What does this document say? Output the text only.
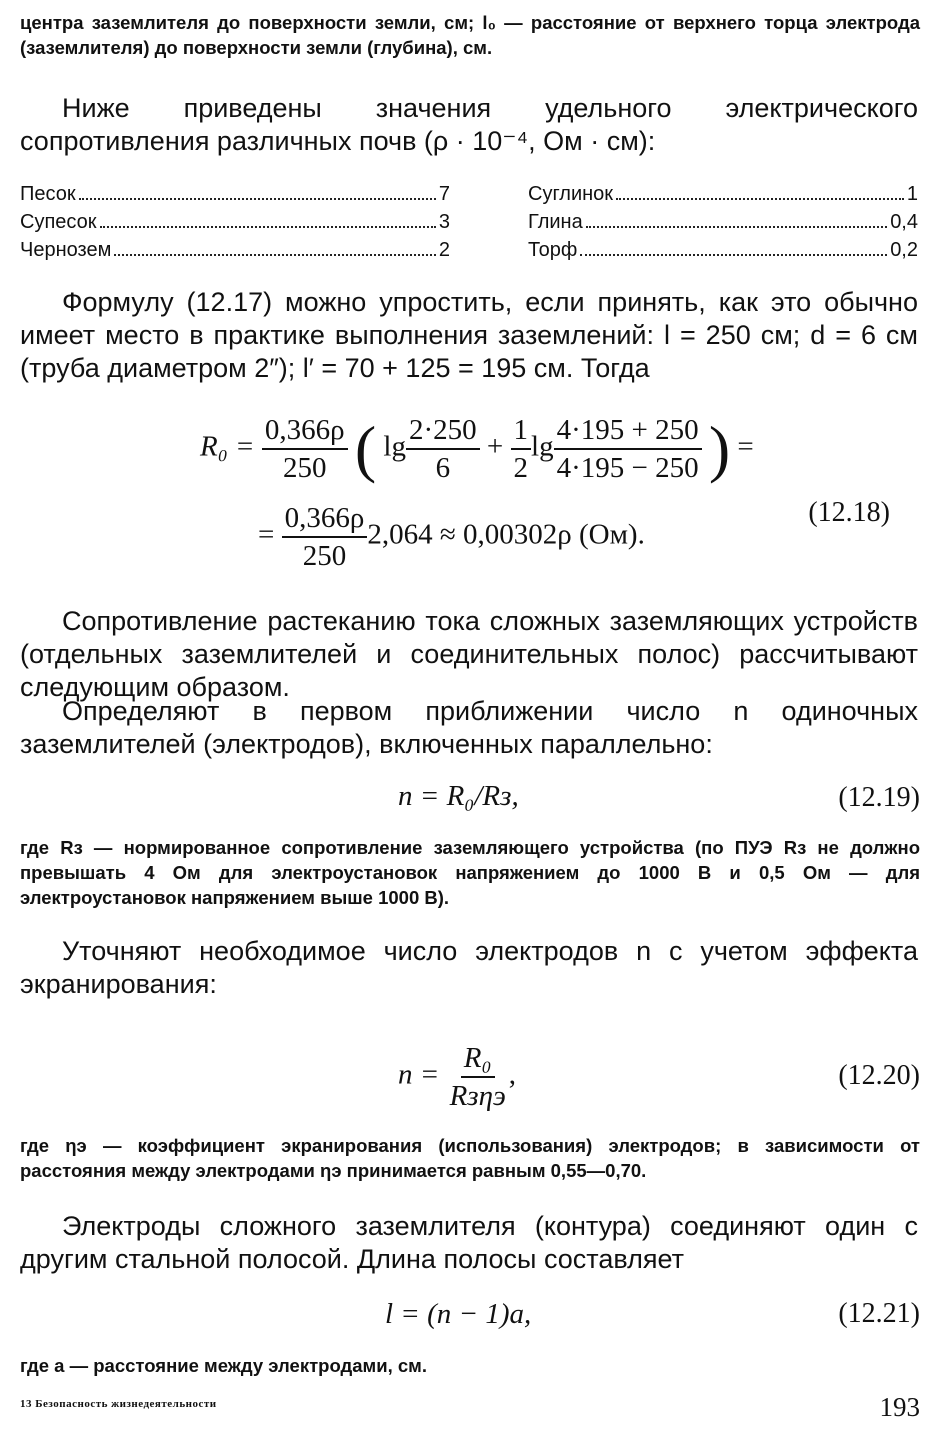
центра заземлителя до поверхности земли, см; l₀ — расстояние от верхнего торца электрода (заземлителя) до поверхности земли (глубина), см.
Ниже приведены значения удельного электрического сопротивления различных почв (ρ · 10⁻⁴, Ом · см):
Песок	7
Супесок	3
Чернозем	2
Суглинок	1
Глина	0,4
Торф	0,2
Формулу (12.17) можно упростить, если принять, как это обычно имеет место в практике выполнения заземлений: l = 250 см; d = 6 см (труба диаметром 2″); l′ = 70 + 125 = 195 см. Тогда
$R_0 = \frac{0,366\rho}{250}$ ( $\lg \frac{2\cdot 250}{6} + \frac{1}{2}$ $\lg \frac{4\cdot 195 + 250}{4\cdot 195 - 250}$ ) =
= $\frac{0,366\rho}{250} 2,064 \approx 0,00302\rho$ (Ом).
(12.18)
Сопротивление растеканию тока сложных заземляющих устройств (отдельных заземлителей и соединительных полос) рассчитывают следующим образом.
Определяют в первом приближении число n одиночных заземлителей (электродов), включенных параллельно:
n = R₀/Rз,	(12.19)
где Rз — нормированное сопротивление заземляющего устройства (по ПУЭ Rз не должно превышать 4 Ом для электроустановок напряжением до 1000 В и 0,5 Ом — для электроустановок напряжением выше 1000 В).
Уточняют необходимое число электродов n с учетом эффекта экранирования:
$n = \frac{\text{R₀}}{\text{Rзηэ}}$ ,	(12.20)
где ηэ — коэффициент экранирования (использования) электродов; в зависимости от расстояния между электродами ηэ принимается равным 0,55—0,70.
Электроды сложного заземлителя (контура) соединяют один с другим стальной полосой. Длина полосы составляет
l = (n − 1)a,	(12.21)
где a — расстояние между электродами, см.
13 Безопасность жизнедеятельности	193
